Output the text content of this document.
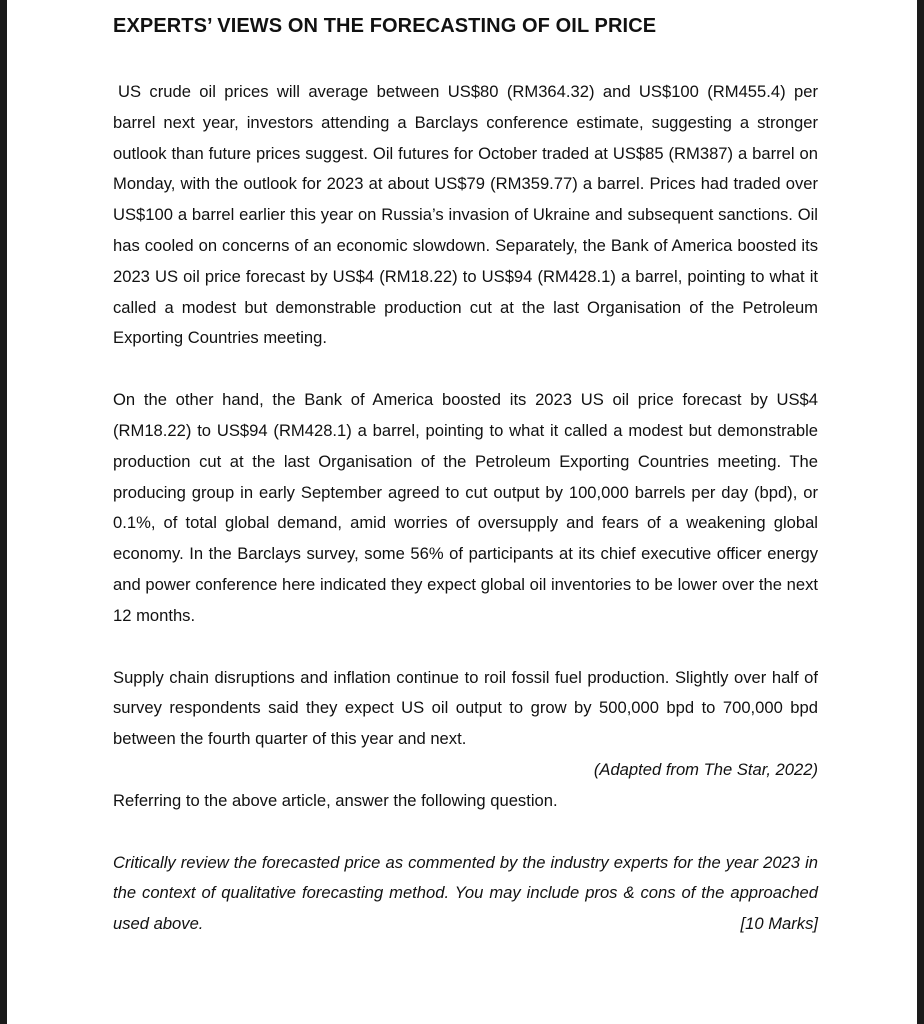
EXPERTS’ VIEWS ON THE FORECASTING OF OIL PRICE

US crude oil prices will average between US$80 (RM364.32) and US$100 (RM455.4) per barrel next year, investors attending a Barclays conference estimate, suggesting a stronger outlook than future prices suggest. Oil futures for October traded at US$85 (RM387) a barrel on Monday, with the outlook for 2023 at about US$79 (RM359.77) a barrel. Prices had traded over US$100 a barrel earlier this year on Russia’s invasion of Ukraine and subsequent sanctions. Oil has cooled on concerns of an economic slowdown. Separately, the Bank of America boosted its 2023 US oil price forecast by US$4 (RM18.22) to US$94 (RM428.1) a barrel, pointing to what it called a modest but demonstrable production cut at the last Organisation of the Petroleum Exporting Countries meeting.

On the other hand, the Bank of America boosted its 2023 US oil price forecast by US$4 (RM18.22) to US$94 (RM428.1) a barrel, pointing to what it called a modest but demonstrable production cut at the last Organisation of the Petroleum Exporting Countries meeting. The producing group in early September agreed to cut output by 100,000 barrels per day (bpd), or 0.1%, of total global demand, amid worries of oversupply and fears of a weakening global economy. In the Barclays survey, some 56% of participants at its chief executive officer energy and power conference here indicated they expect global oil inventories to be lower over the next 12 months.

Supply chain disruptions and inflation continue to roil fossil fuel production. Slightly over half of survey respondents said they expect US oil output to grow by 500,000 bpd to 700,000 bpd between the fourth quarter of this year and next.

(Adapted from The Star, 2022)

Referring to the above article, answer the following question.

Critically review the forecasted price as commented by the industry experts for the year 2023 in the context of qualitative forecasting method. You may include pros & cons of the approached used above.	[10 Marks]
